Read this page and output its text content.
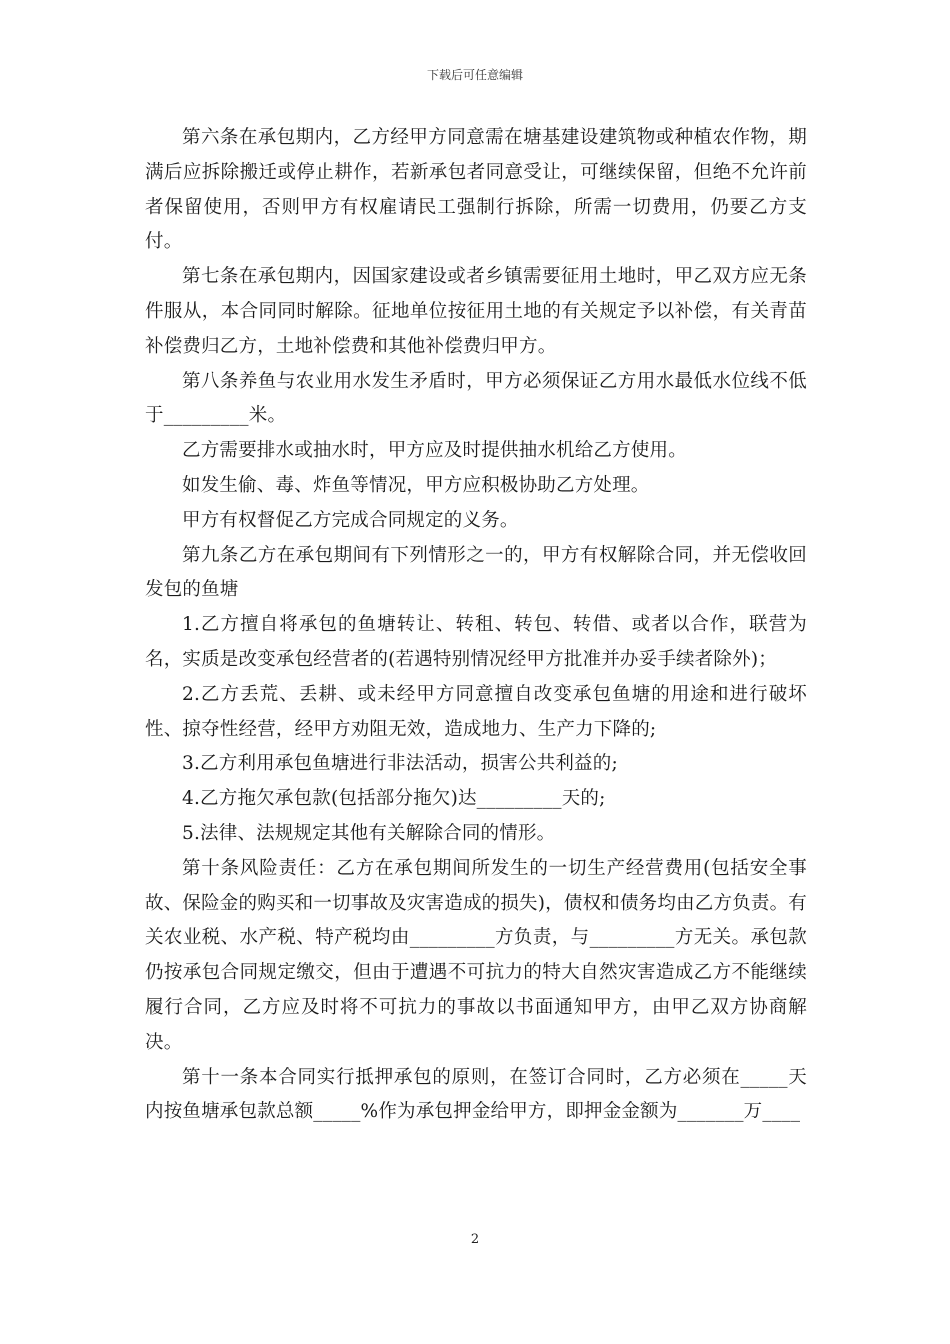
下载后可任意编辑

第六条在承包期内，乙方经甲方同意需在塘基建设建筑物或种植农作物，期满后应拆除搬迁或停止耕作，若新承包者同意受让，可继续保留，但绝不允许前者保留使用，否则甲方有权雇请民工强制行拆除，所需一切费用，仍要乙方支付。

第七条在承包期内，因国家建设或者乡镇需要征用土地时，甲乙双方应无条件服从，本合同同时解除。征地单位按征用土地的有关规定予以补偿，有关青苗补偿费归乙方，土地补偿费和其他补偿费归甲方。

第八条养鱼与农业用水发生矛盾时，甲方必须保证乙方用水最低水位线不低于_________米。

乙方需要排水或抽水时，甲方应及时提供抽水机给乙方使用。

如发生偷、毒、炸鱼等情况，甲方应积极协助乙方处理。

甲方有权督促乙方完成合同规定的义务。

第九条乙方在承包期间有下列情形之一的，甲方有权解除合同，并无偿收回发包的鱼塘

1.乙方擅自将承包的鱼塘转让、转租、转包、转借、或者以合作，联营为名，实质是改变承包经营者的(若遇特别情况经甲方批准并办妥手续者除外)；

2.乙方丢荒、丢耕、或未经甲方同意擅自改变承包鱼塘的用途和进行破坏性、掠夺性经营，经甲方劝阻无效，造成地力、生产力下降的;

3.乙方利用承包鱼塘进行非法活动，损害公共利益的;

4.乙方拖欠承包款(包括部分拖欠)达_________天的;

5.法律、法规规定其他有关解除合同的情形。

第十条风险责任：乙方在承包期间所发生的一切生产经营费用(包括安全事故、保险金的购买和一切事故及灾害造成的损失)，债权和债务均由乙方负责。有关农业税、水产税、特产税均由_________方负责，与_________方无关。承包款仍按承包合同规定缴交，但由于遭遇不可抗力的特大自然灾害造成乙方不能继续履行合同，乙方应及时将不可抗力的事故以书面通知甲方，由甲乙双方协商解决。

第十一条本合同实行抵押承包的原则，在签订合同时，乙方必须在_____天内按鱼塘承包款总额_____%作为承包押金给甲方，即押金金额为_______万____

2
